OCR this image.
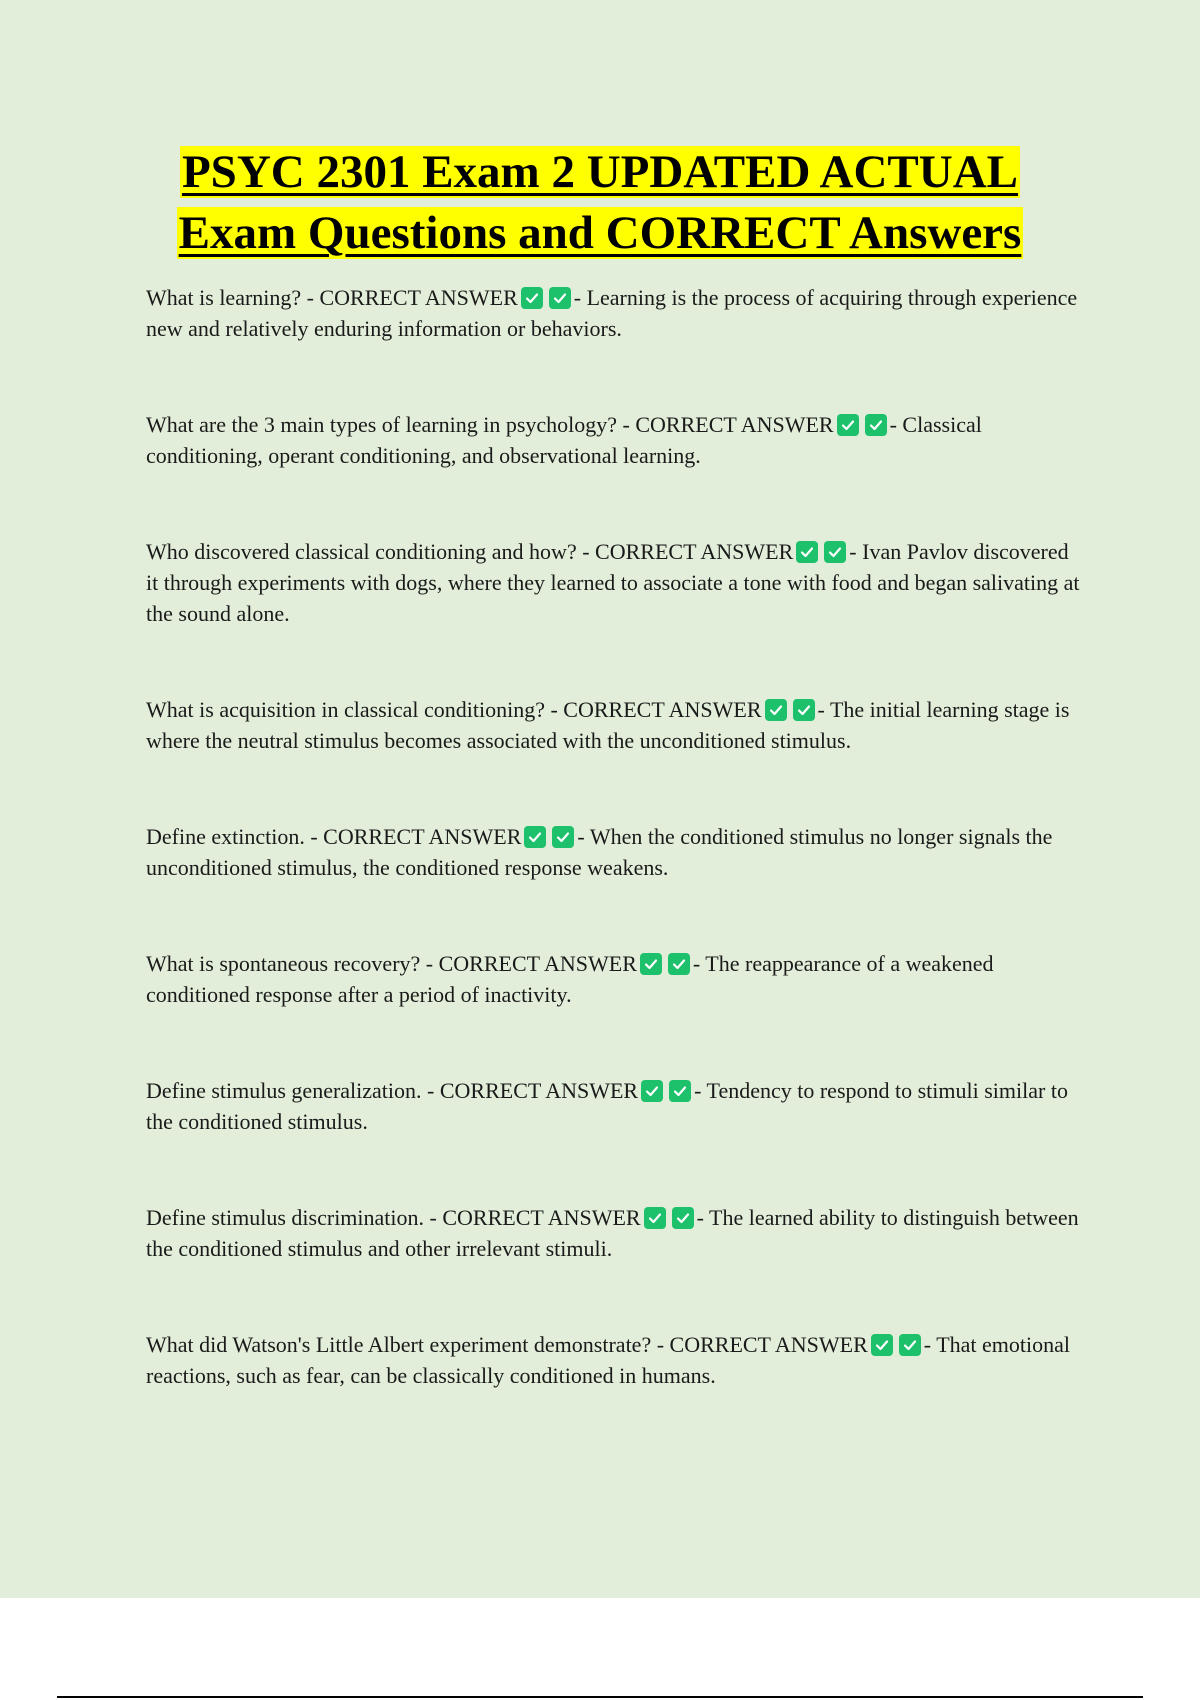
PSYC 2301 Exam 2 UPDATED ACTUAL
Exam Questions and CORRECT Answers

What is learning? - CORRECT ANSWER	- Learning is the process of acquiring through experience new and relatively enduring information or behaviors.

What are the 3 main types of learning in psychology? - CORRECT ANSWER	- Classical conditioning, operant conditioning, and observational learning.

Who discovered classical conditioning and how? - CORRECT ANSWER	- Ivan Pavlov discovered it through experiments with dogs, where they learned to associate a tone with food and began salivating at the sound alone.

What is acquisition in classical conditioning? - CORRECT ANSWER	- The initial learning stage is where the neutral stimulus becomes associated with the unconditioned stimulus.

Define extinction. - CORRECT ANSWER	- When the conditioned stimulus no longer signals the unconditioned stimulus, the conditioned response weakens.

What is spontaneous recovery? - CORRECT ANSWER	- The reappearance of a weakened conditioned response after a period of inactivity.

Define stimulus generalization. - CORRECT ANSWER	- Tendency to respond to stimuli similar to the conditioned stimulus.

Define stimulus discrimination. - CORRECT ANSWER	- The learned ability to distinguish between the conditioned stimulus and other irrelevant stimuli.

What did Watson's Little Albert experiment demonstrate? - CORRECT ANSWER	- That emotional reactions, such as fear, can be classically conditioned in humans.
